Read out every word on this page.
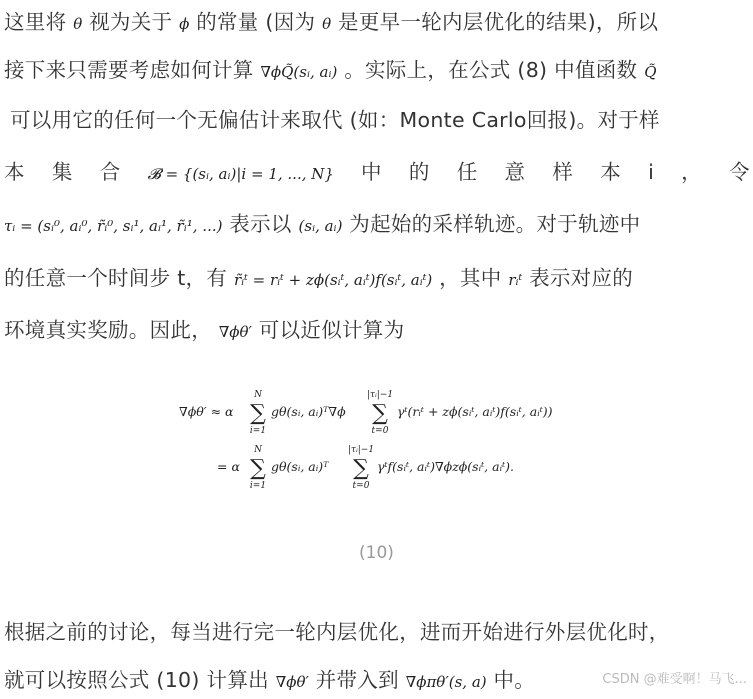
这里将 θ 视为关于 ϕ 的常量 (因为 θ 是更早一轮内层优化的结果)，所以
接下来只需要考虑如何计算 ∇ϕQ̃(sᵢ, aᵢ) 。实际上，在公式 (8) 中值函数 Q̃
可以用它的任何一个无偏估计来取代 (如：Monte Carlo回报)。对于样
本 集 合 𝓑 = {(sᵢ, aᵢ)|i = 1, ..., N} 中 的 任 意 样 本 i ， 令
τᵢ = (sᵢ⁰, aᵢ⁰, r̃ᵢ⁰, sᵢ¹, aᵢ¹, r̃ᵢ¹, ...) 表示以 (sᵢ, aᵢ) 为起始的采样轨迹。对于轨迹中
的任意一个时间步 t，有 r̃ᵢᵗ = rᵢᵗ + zϕ(sᵢᵗ, aᵢᵗ)f(sᵢᵗ, aᵢᵗ) ，其中 rᵢᵗ 表示对应的
环境真实奖励。因此， ∇ϕθ′ 可以近似计算为
∇ϕθ′ ≈ α
N
∑
i=1
gθ(sᵢ, aᵢ)ᵀ∇ϕ
|τᵢ|−1
∑
t=0
γᵗ(rᵢᵗ + zϕ(sᵢᵗ, aᵢᵗ)f(sᵢᵗ, aᵢᵗ))
= α
N
∑
i=1
gθ(sᵢ, aᵢ)ᵀ
|τᵢ|−1
∑
t=0
γᵗf(sᵢᵗ, aᵢᵗ)∇ϕzϕ(sᵢᵗ, aᵢᵗ).
(10)
根据之前的讨论，每当进行完一轮内层优化，进而开始进行外层优化时，
就可以按照公式 (10) 计算出 ∇ϕθ′ 并带入到 ∇ϕπθ′(s, a) 中。	CSDN @难受啊！马飞...
